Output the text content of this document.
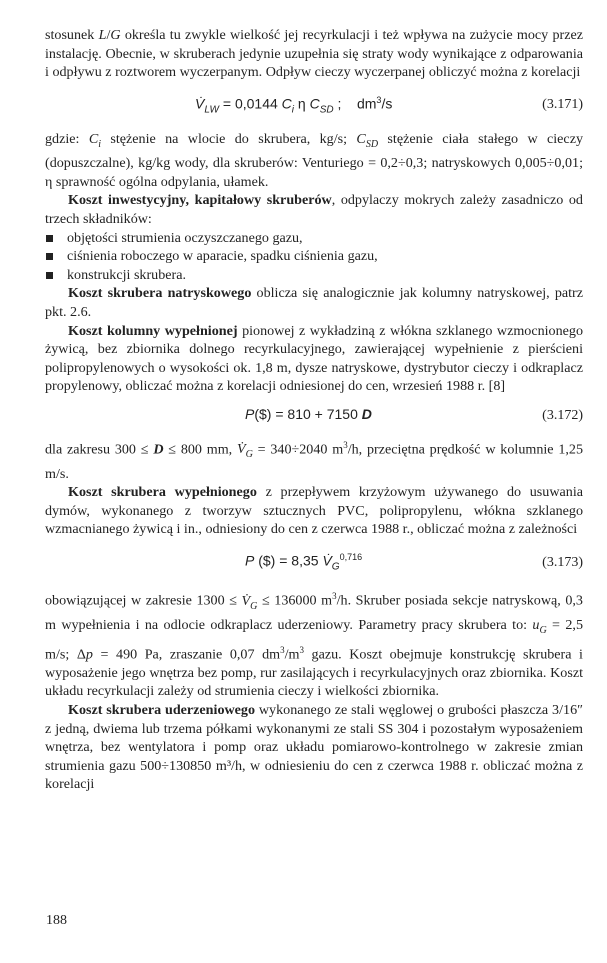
stosunek L/G określa tu zwykle wielkość jej recyrkulacji i też wpływa na zużycie mocy przez instalację. Obecnie, w skruberach jedynie uzupełnia się straty wody wynikające z odparowania i odpływu z roztworem wyczerpanym. Odpływ cieczy wyczerpanej obliczyć można z korelacji

$V̇_{LW} = 0,0144$ $C_i$ η $C_{SD}$ ;    $dm^3/s$	(3.171)

gdzie: $C_i$ stężenie na wlocie do skrubera, kg/s; $C_{SD}$ stężenie ciała stałego w cieczy (dopuszczalne), kg/kg wody, dla skruberów: Venturiego = 0,2÷0,3; natryskowych 0,005÷0,01; η sprawność ogólna odpylania, ułamek.

Koszt inwestycyjny, kapitałowy skruberów, odpylaczy mokrych zależy zasadniczo od trzech składników:

objętości strumienia oczyszczanego gazu,
ciśnienia roboczego w aparacie, spadku ciśnienia gazu,
konstrukcji skrubera.

Koszt skrubera natryskowego oblicza się analogicznie jak kolumny natryskowej, patrz pkt. 2.6.

Koszt kolumny wypełnionej pionowej z wykładziną z włókna szklanego wzmocnionego żywicą, bez zbiornika dolnego recyrkulacyjnego, zawierającej wypełnienie z pierścieni polipropylenowych o wysokości ok. 1,8 m, dysze natryskowe, dystrybutor cieczy i odkraplacz propylenowy, obliczać można z korelacji odniesionej do cen, wrzesień 1988 r. [8]

P($) = 810 + 7150 D	(3.172)

dla zakresu 300 ≤ D ≤ 800 mm, $V̇_G = 340\div 2040$ $m^3/h$, przeciętna prędkość w kolumnie 1,25 m/s.

Koszt skrubera wypełnionego z przepływem krzyżowym używanego do usuwania dymów, wykonanego z tworzyw sztucznych PVC, polipropylenu, włókna szklanego wzmacnianego żywicą i in., odniesiony do cen z czerwca 1988 r., obliczać można z zależności

P ($) = 8,35 $V̇_G^{0,716}$	(3.173)

obowiązującej w zakresie $1300 \le V̇_G \le 136000$ $m^3/h$. Skruber posiada sekcje natryskową, 0,3 m wypełnienia i na odlocie odkraplacz uderzeniowy. Parametry pracy skrubera to: $u_G = 2,5$ m/s; Δp = 490 Pa, zraszanie 0,07 $dm^3/m^3$ gazu. Koszt obejmuje konstrukcję skrubera i wyposażenie jego wnętrza bez pomp, rur zasilających i recyrkulacyjnych oraz zbiornika. Koszt układu recyrkulacji zależy od strumienia cieczy i wielkości zbiornika.

Koszt skrubera uderzeniowego wykonanego ze stali węglowej o grubości płaszcza 3/16″ z jedną, dwiema lub trzema półkami wykonanymi ze stali SS 304 i pozostałym wyposażeniem wnętrza, bez wentylatora i pomp oraz układu pomiarowo-kontrolnego w zakresie zmian strumienia gazu 500÷130850 m³/h, w odniesieniu do cen z czerwca 1988 r. obliczać można z korelacji

188
